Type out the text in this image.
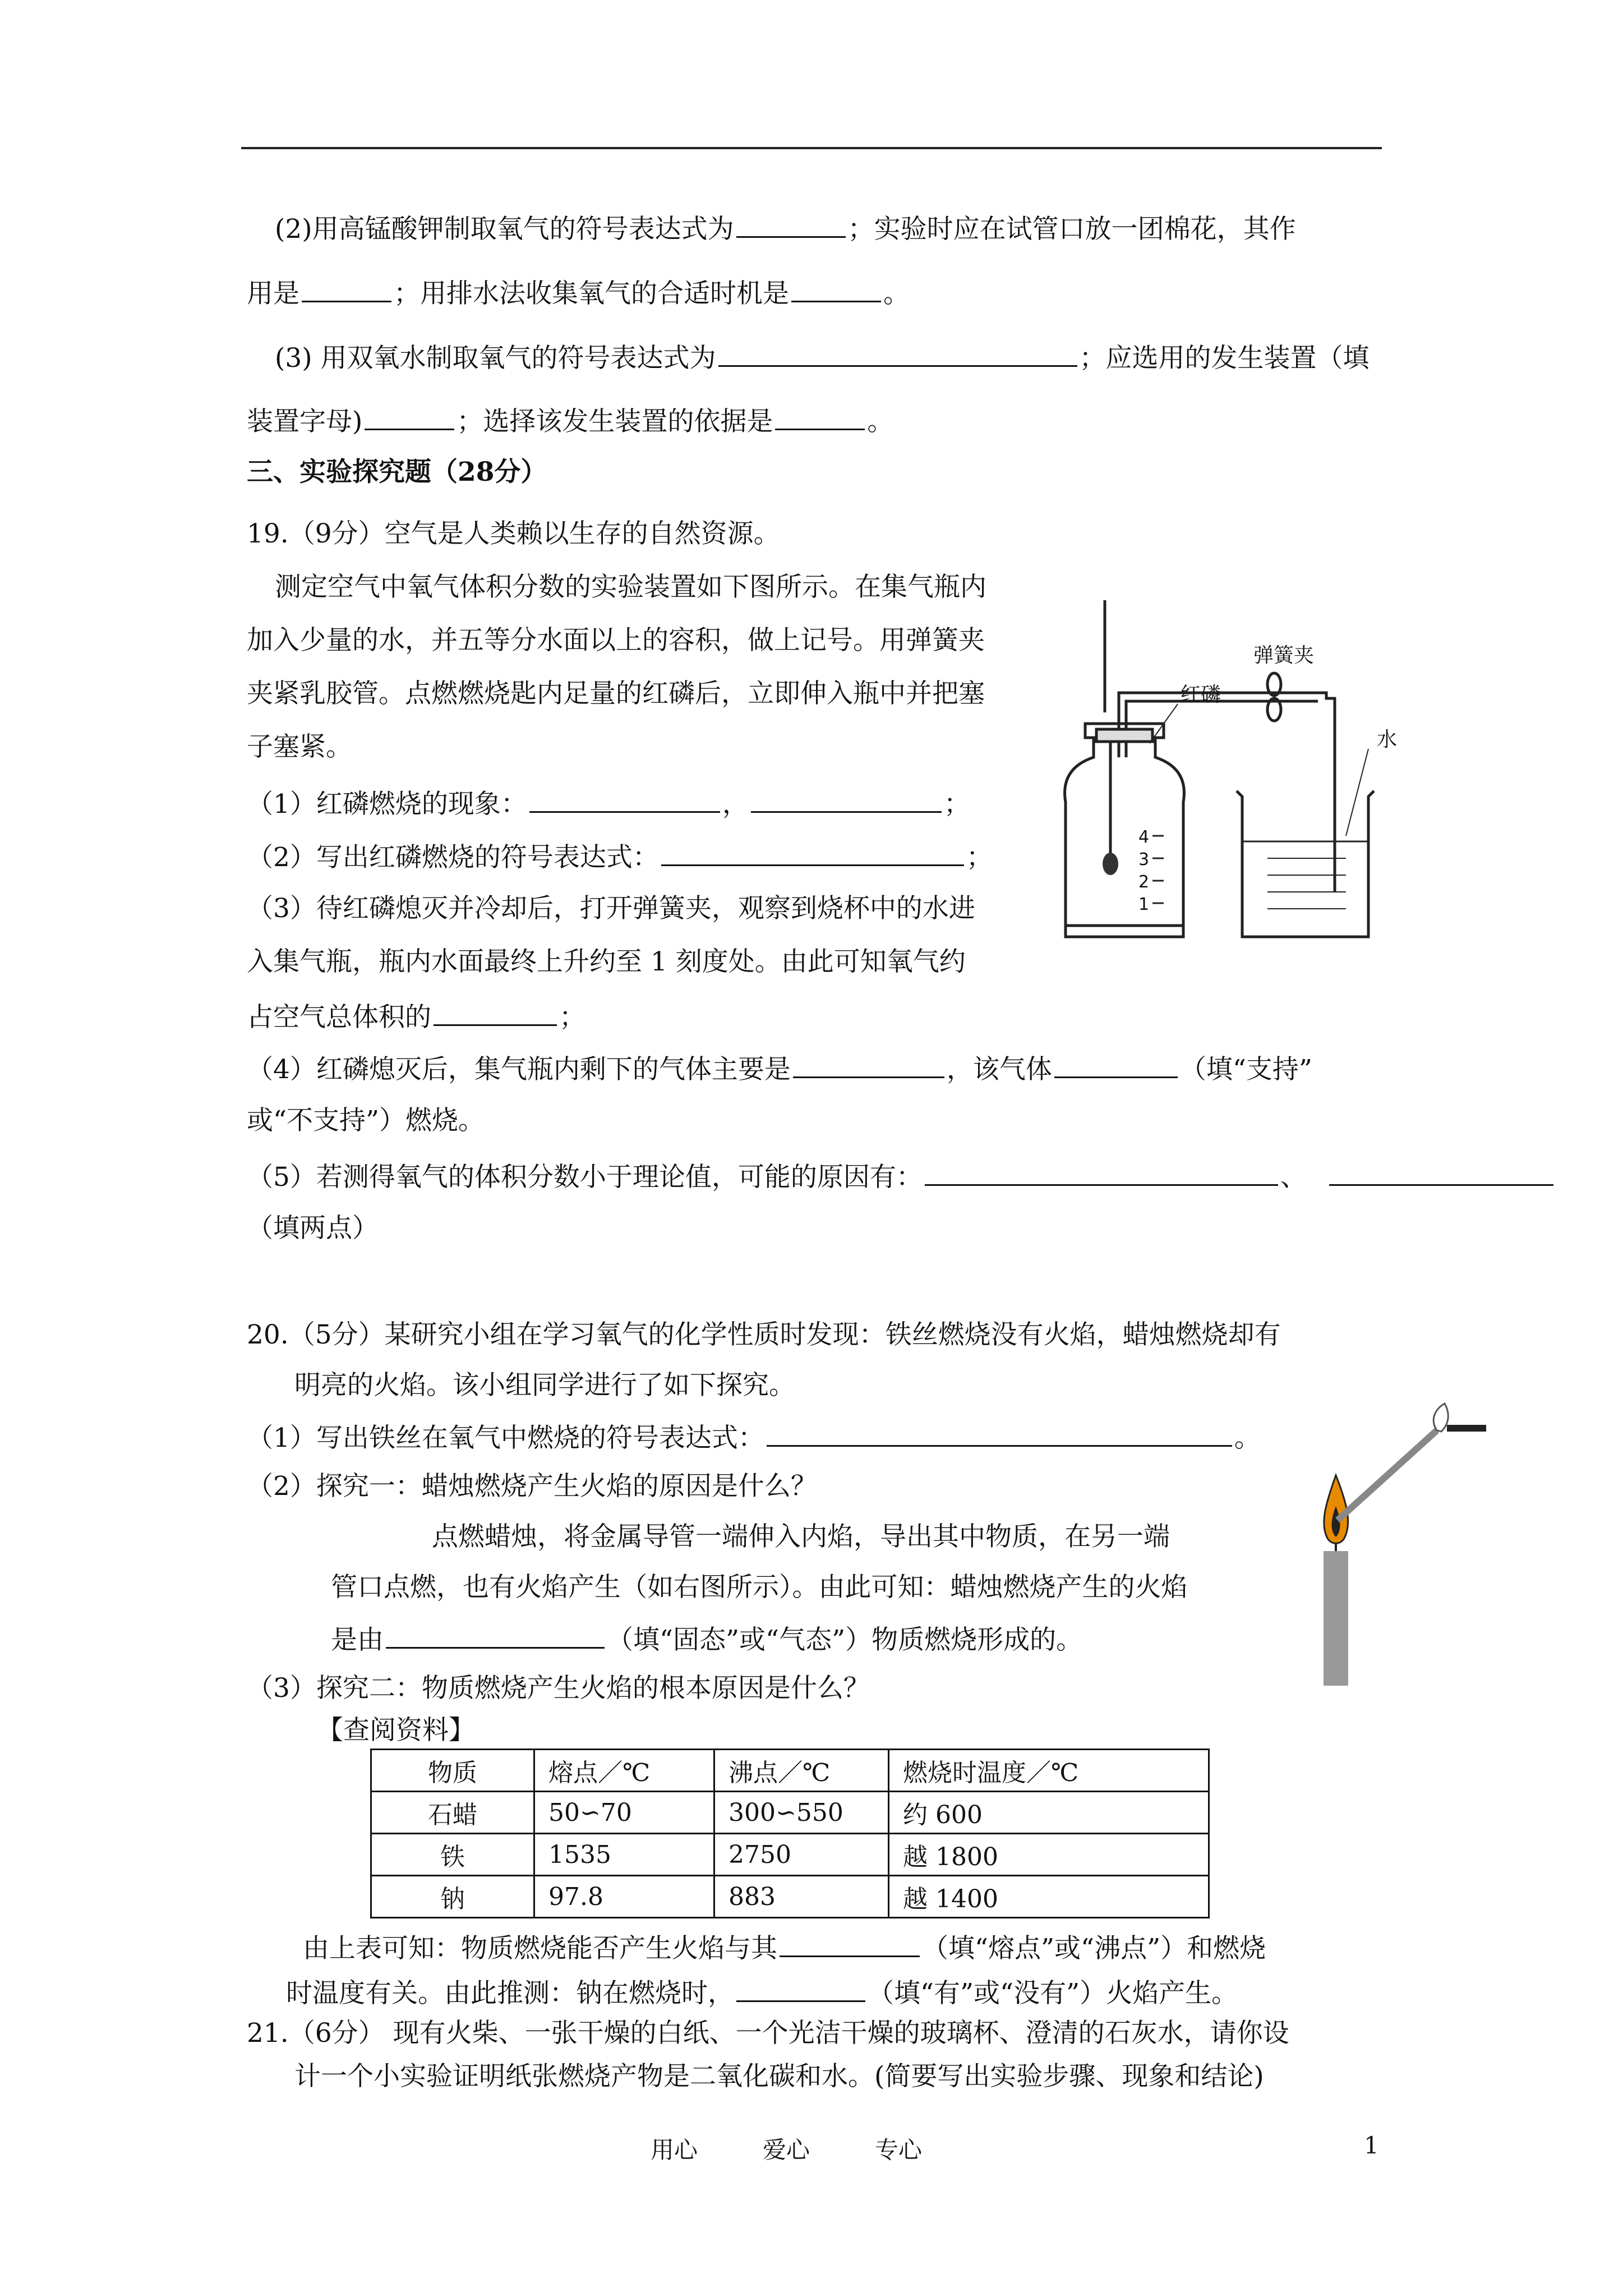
(2)用高锰酸钾制取氧气的符号表达式为	；实验时应在试管口放一团棉花，其作
用是	；用排水法收集氧气的合适时机是	。
(3) 用双氧水制取氧气的符号表达式为	；应选用的发生装置（填
装置字母)	；选择该发生装置的依据是	。
三、实验探究题（28分）
19.（9分）空气是人类赖以生存的自然资源。
测定空气中氧气体积分数的实验装置如下图所示。在集气瓶内
加入少量的水，并五等分水面以上的容积，做上记号。用弹簧夹
夹紧乳胶管。点燃燃烧匙内足量的红磷后，立即伸入瓶中并把塞
子塞紧。
（1）红磷燃烧的现象：	，	；
（2）写出红磷燃烧的符号表达式：	；
（3）待红磷熄灭并冷却后，打开弹簧夹，观察到烧杯中的水进
入集气瓶，瓶内水面最终上升约至 1 刻度处。由此可知氧气约
占空气总体积的	；
（4）红磷熄灭后，集气瓶内剩下的气体主要是	，该气体	（填“支持”
或“不支持”）燃烧。
（5）若测得氧气的体积分数小于理论值，可能的原因有：	、
（填两点）
弹簧夹
红磷
水
4
3
2
1
20.（5分）某研究小组在学习氧气的化学性质时发现：铁丝燃烧没有火焰，蜡烛燃烧却有
明亮的火焰。该小组同学进行了如下探究。
（1）写出铁丝在氧气中燃烧的符号表达式：	。
（2）探究一：蜡烛燃烧产生火焰的原因是什么？
点燃蜡烛，将金属导管一端伸入内焰，导出其中物质，在另一端
管口点燃，也有火焰产生（如右图所示）。由此可知：蜡烛燃烧产生的火焰
是由	（填“固态”或“气态”）物质燃烧形成的。
（3）探究二：物质燃烧产生火焰的根本原因是什么？
【查阅资料】
物质	熔点／℃	沸点／℃	燃烧时温度／℃
石蜡	50∽70	300∽550	约 600
铁	1535	2750	越 1800
钠	97.8	883	越 1400
由上表可知：物质燃烧能否产生火焰与其	（填“熔点”或“沸点”）和燃烧
时温度有关。由此推测：钠在燃烧时，	（填“有”或“没有”）火焰产生。
21.（6分） 现有火柴、一张干燥的白纸、一个光洁干燥的玻璃杯、澄清的石灰水，请你设
计一个小实验证明纸张燃烧产物是二氧化碳和水。(简要写出实验步骤、现象和结论)
用心	爱心	专心	1
